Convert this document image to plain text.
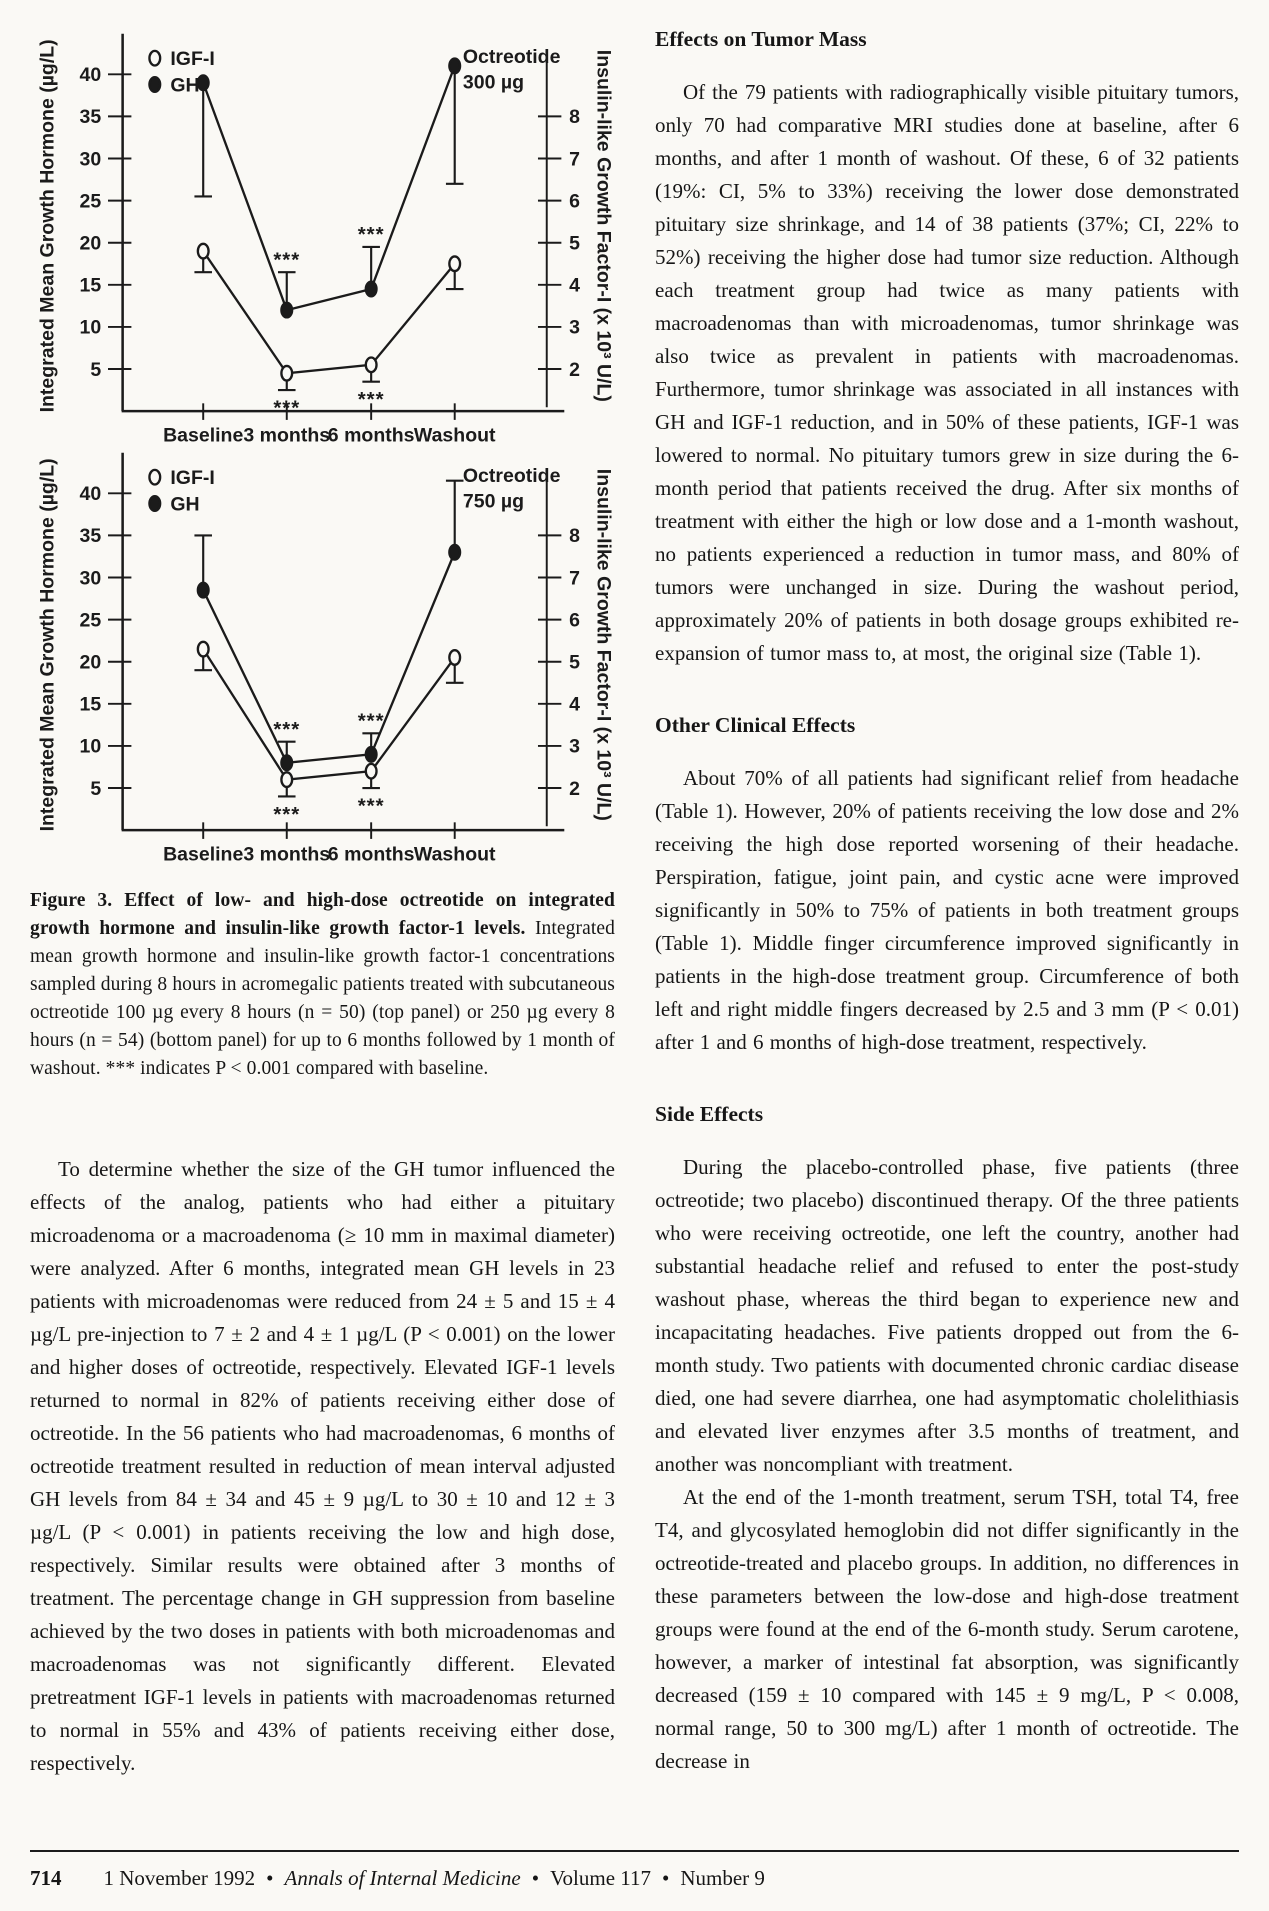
5
10
15
20
25
30
35
40
8
7
6
5
4
3
2
Baseline 3 months
6 months Washout
Integrated Mean Growth Hormone (µg/L)	Insulin-like Growth Factor-I (x 10³ U/L)
***
***
***	***
IGF-I
GH
Octreotide
300 µg
5
10
15
20
25
30
35
40
8
7
6
5
4
3
2
Baseline 3 months
6 months Washout
Integrated Mean Growth Hormone (µg/L)	Insulin-like Growth Factor-I (x 10³ U/L)
***	***
***	***
IGF-I
GH
Octreotide
750 µg
Figure 3. Effect of low- and high-dose octreotide on integrated growth hormone and insulin-like growth factor-1 levels. Integrated mean growth hormone and insulin-like growth factor-1 concentrations sampled during 8 hours in acromegalic patients treated with subcutaneous octreotide 100 µg every 8 hours (n = 50) (top panel) or 250 µg every 8 hours (n = 54) (bottom panel) for up to 6 months followed by 1 month of washout. *** indicates P < 0.001 compared with baseline.

To determine whether the size of the GH tumor influenced the effects of the analog, patients who had either a pituitary microadenoma or a macroadenoma (≥ 10 mm in maximal diameter) were analyzed. After 6 months, integrated mean GH levels in 23 patients with microadenomas were reduced from 24 ± 5 and 15 ± 4 µg/L pre-injection to 7 ± 2 and 4 ± 1 µg/L (P < 0.001) on the lower and higher doses of octreotide, respectively. Elevated IGF-1 levels returned to normal in 82% of patients receiving either dose of octreotide. In the 56 patients who had macroadenomas, 6 months of octreotide treatment resulted in reduction of mean interval adjusted GH levels from 84 ± 34 and 45 ± 9 µg/L to 30 ± 10 and 12 ± 3 µg/L (P < 0.001) in patients receiving the low and high dose, respectively. Similar results were obtained after 3 months of treatment. The percentage change in GH suppression from baseline achieved by the two doses in patients with both microadenomas and macroadenomas was not significantly different. Elevated pretreatment IGF-1 levels in patients with macroadenomas returned to normal in 55% and 43% of patients receiving either dose, respectively.

Effects on Tumor Mass

Of the 79 patients with radiographically visible pituitary tumors, only 70 had comparative MRI studies done at baseline, after 6 months, and after 1 month of washout. Of these, 6 of 32 patients (19%: CI, 5% to 33%) receiving the lower dose demonstrated pituitary size shrinkage, and 14 of 38 patients (37%; CI, 22% to 52%) receiving the higher dose had tumor size reduction. Although each treatment group had twice as many patients with macroadenomas than with microadenomas, tumor shrinkage was also twice as prevalent in patients with macroadenomas. Furthermore, tumor shrinkage was associated in all instances with GH and IGF-1 reduction, and in 50% of these patients, IGF-1 was lowered to normal. No pituitary tumors grew in size during the 6-month period that patients received the drug. After six months of treatment with either the high or low dose and a 1-month washout, no patients experienced a reduction in tumor mass, and 80% of tumors were unchanged in size. During the washout period, approximately 20% of patients in both dosage groups exhibited re-expansion of tumor mass to, at most, the original size (Table 1).

Other Clinical Effects

About 70% of all patients had significant relief from headache (Table 1). However, 20% of patients receiving the low dose and 2% receiving the high dose reported worsening of their headache. Perspiration, fatigue, joint pain, and cystic acne were improved significantly in 50% to 75% of patients in both treatment groups (Table 1). Middle finger circumference improved significantly in patients in the high-dose treatment group. Circumference of both left and right middle fingers decreased by 2.5 and 3 mm (P < 0.01) after 1 and 6 months of high-dose treatment, respectively.

Side Effects

During the placebo-controlled phase, five patients (three octreotide; two placebo) discontinued therapy. Of the three patients who were receiving octreotide, one left the country, another had substantial headache relief and refused to enter the post-study washout phase, whereas the third began to experience new and incapacitating headaches. Five patients dropped out from the 6-month study. Two patients with documented chronic cardiac disease died, one had severe diarrhea, one had asymptomatic cholelithiasis and elevated liver enzymes after 3.5 months of treatment, and another was noncompliant with treatment.

At the end of the 1-month treatment, serum TSH, total T4, free T4, and glycosylated hemoglobin did not differ significantly in the octreotide-treated and placebo groups. In addition, no differences in these parameters between the low-dose and high-dose treatment groups were found at the end of the 6-month study. Serum carotene, however, a marker of intestinal fat absorption, was significantly decreased (159 ± 10 compared with 145 ± 9 mg/L, P < 0.008, normal range, 50 to 300 mg/L) after 1 month of octreotide. The decrease in

714 1 November 1992 • Annals of Internal Medicine • Volume 117 • Number 9
